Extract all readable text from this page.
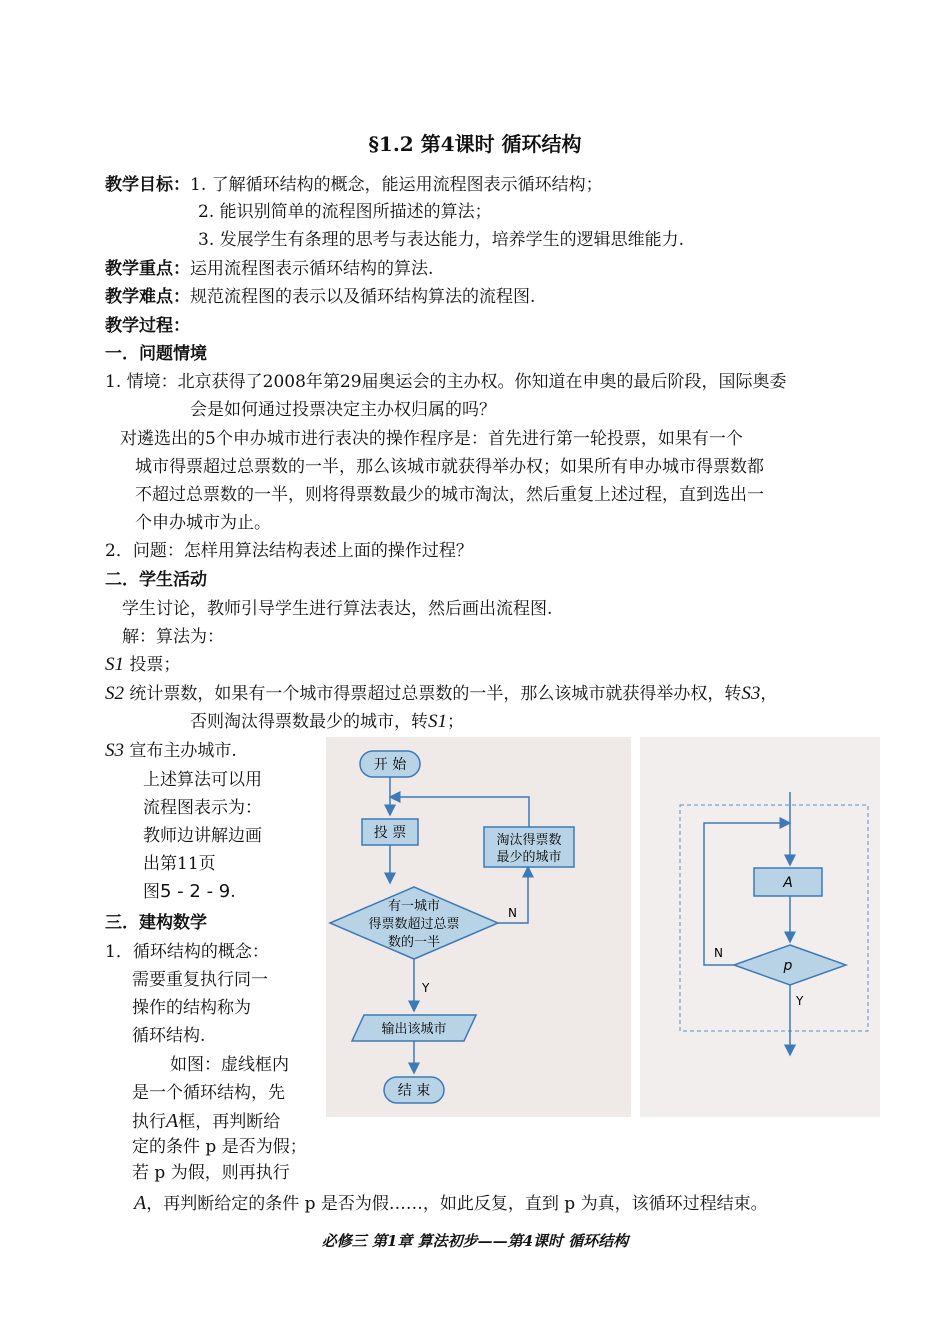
§1.2 第4课时 循环结构
教学目标：1. 了解循环结构的概念，能运用流程图表示循环结构；
2. 能识别简单的流程图所描述的算法；
3. 发展学生有条理的思考与表达能力，培养学生的逻辑思维能力.
教学重点：运用流程图表示循环结构的算法.
教学难点：规范流程图的表示以及循环结构算法的流程图.
教学过程：
一．问题情境
1. 情境：北京获得了2008年第29届奥运会的主办权。你知道在申奥的最后阶段，国际奥委
会是如何通过投票决定主办权归属的吗？
对遴选出的5个申办城市进行表决的操作程序是：首先进行第一轮投票，如果有一个
城市得票超过总票数的一半，那么该城市就获得举办权；如果所有申办城市得票数都
不超过总票数的一半，则将得票数最少的城市淘汰，然后重复上述过程，直到选出一
个申办城市为止。
2．问题：怎样用算法结构表述上面的操作过程？
二．学生活动
学生讨论，教师引导学生进行算法表达，然后画出流程图.
解：算法为：
S1 投票；
S2 统计票数，如果有一个城市得票超过总票数的一半，那么该城市就获得举办权，转S3，
否则淘汰得票数最少的城市，转S1；
S3 宣布主办城市.
上述算法可以用
流程图表示为：
教师边讲解边画
出第11页
图5 - 2 - 9.
三．建构数学
1．循环结构的概念：
需要重复执行同一
操作的结构称为
循环结构.
如图：虚线框内
是一个循环结构，先
执行A框，再判断给
定的条件 p 是否为假；
若 p 为假，则再执行
A，再判断给定的条件 p 是否为假……，如此反复，直到 p 为真，该循环过程结束。
开 始
投 票
有一城市
得票数超过总票
数的一半
N
淘汰得票数
最少的城市
Y
输出该城市
结 束
A
p
N
Y
必修三 第1章 算法初步——第4课时 循环结构
